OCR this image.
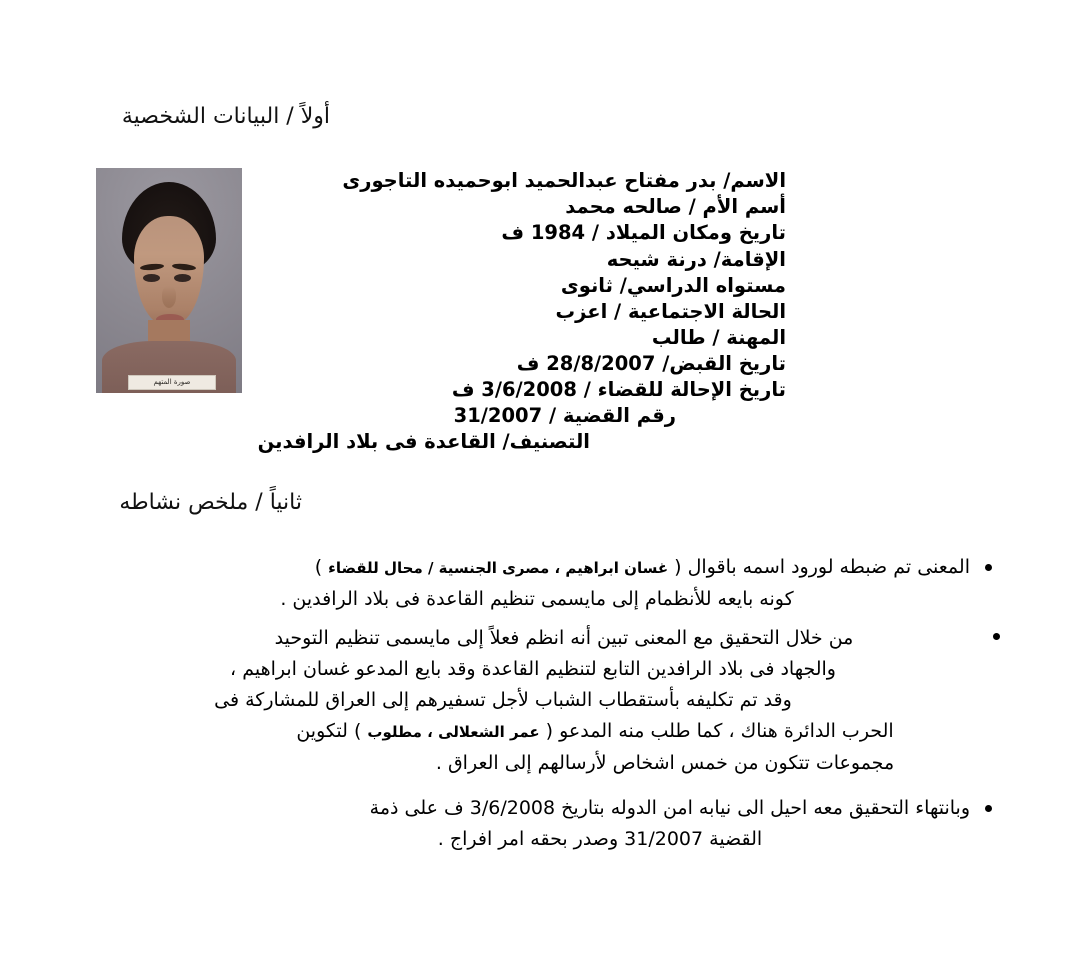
أولاً / البيانات الشخصية
صورة المتهم
الاسم/ بدر مفتاح عبدالحميد ابوحميده التاجورى
أسم الأم / صالحه محمد
تاريخ ومكان الميلاد / 1984 ف
الإقامة/ درنة شيحه
مستواه الدراسي/ ثانوى
الحالة الاجتماعية / اعزب
المهنة / طالب
تاريخ القبض/ 28/8/2007 ف
تاريخ الإحالة للقضاء / 3/6/2008 ف
رقم القضية / 31/2007
التصنيف/ القاعدة فى بلاد الرافدين
ثانياً / ملخص نشاطه
المعنى تم ضبطه لورود اسمه باقوال ( غسان ابراهيم ، مصرى الجنسية / محال للقضاء )
كونه بايعه للأنظمام إلى مايسمى تنظيم القاعدة فى بلاد الرافدين .
من خلال التحقيق مع المعنى تبين أنه انظم فعلاً إلى مايسمى تنظيم التوحيد
والجهاد فى بلاد الرافدين التابع لتنظيم القاعدة وقد بايع المدعو غسان ابراهيم ،
وقد تم تكليفه بأستقطاب الشباب لأجل تسفيرهم إلى العراق للمشاركة فى
الحرب الدائرة هناك ، كما طلب منه المدعو ( عمر الشعلالى ، مطلوب ) لتكوين
مجموعات تتكون من خمس اشخاص لأرسالهم إلى العراق .
وبانتهاء التحقيق معه احيل الى نيابه امن الدوله بتاريخ 3/6/2008 ف على ذمة
القضية 31/2007 وصدر بحقه امر افراج .
